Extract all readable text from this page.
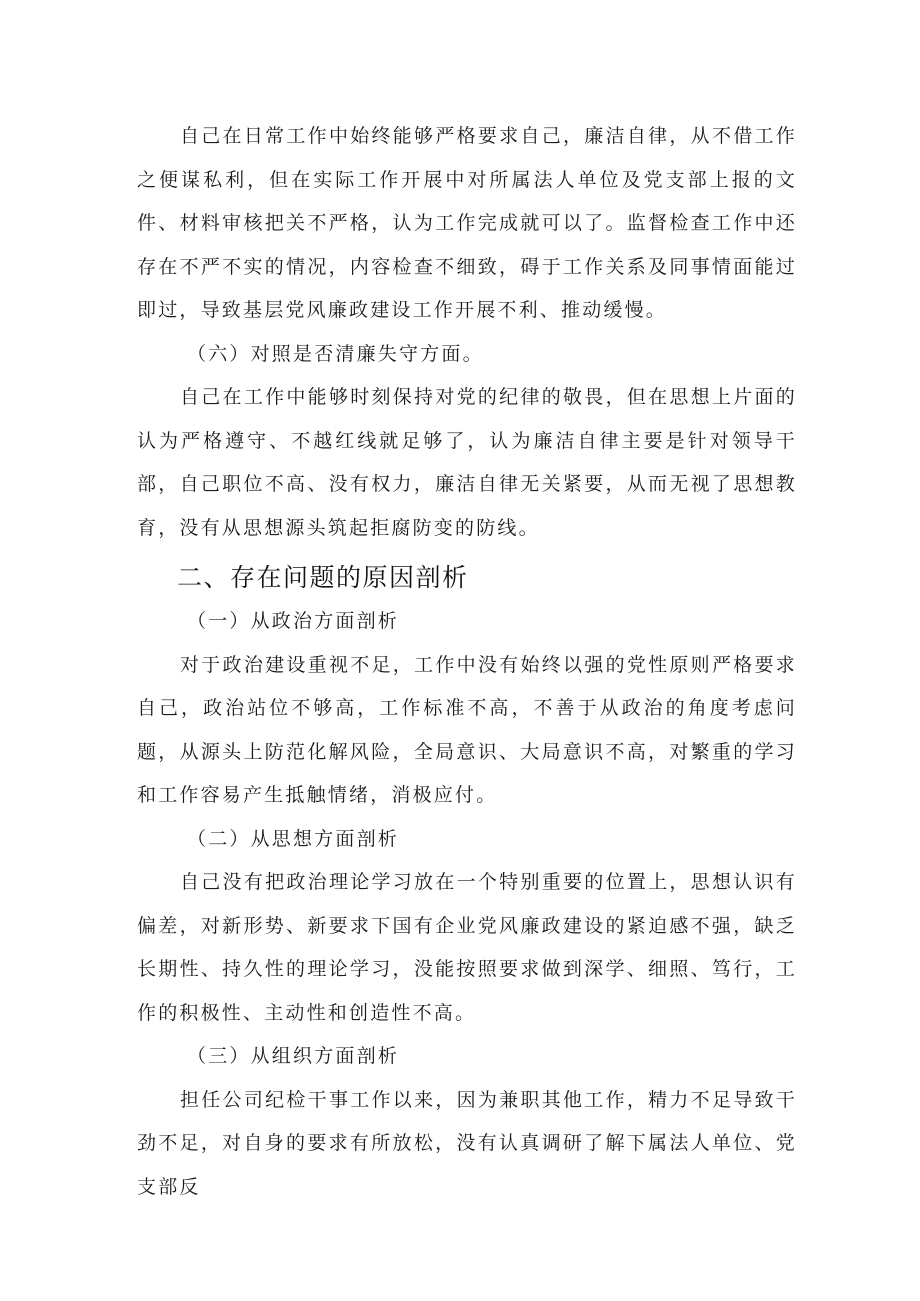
自己在日常工作中始终能够严格要求自己，廉洁自律，从不借工作之便谋私利，但在实际工作开展中对所属法人单位及党支部上报的文件、材料审核把关不严格，认为工作完成就可以了。监督检查工作中还存在不严不实的情况，内容检查不细致，碍于工作关系及同事情面能过即过，导致基层党风廉政建设工作开展不利、推动缓慢。

（六）对照是否清廉失守方面。

自己在工作中能够时刻保持对党的纪律的敬畏，但在思想上片面的认为严格遵守、不越红线就足够了，认为廉洁自律主要是针对领导干部，自己职位不高、没有权力，廉洁自律无关紧要，从而无视了思想教育，没有从思想源头筑起拒腐防变的防线。

二、存在问题的原因剖析

（一）从政治方面剖析

对于政治建设重视不足，工作中没有始终以强的党性原则严格要求自己，政治站位不够高，工作标准不高，不善于从政治的角度考虑问题，从源头上防范化解风险，全局意识、大局意识不高，对繁重的学习和工作容易产生抵触情绪，消极应付。

（二）从思想方面剖析

自己没有把政治理论学习放在一个特别重要的位置上，思想认识有偏差，对新形势、新要求下国有企业党风廉政建设的紧迫感不强，缺乏长期性、持久性的理论学习，没能按照要求做到深学、细照、笃行，工作的积极性、主动性和创造性不高。

（三）从组织方面剖析

担任公司纪检干事工作以来，因为兼职其他工作，精力不足导致干劲不足，对自身的要求有所放松，没有认真调研了解下属法人单位、党支部反
